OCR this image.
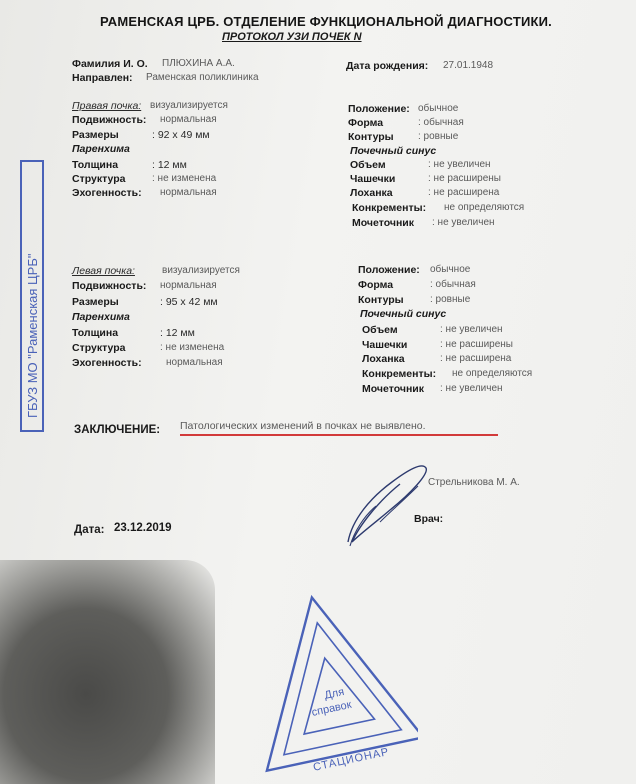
РАМЕНСКАЯ ЦРБ. ОТДЕЛЕНИЕ ФУНКЦИОНАЛЬНОЙ ДИАГНОСТИКИ.
ПРОТОКОЛ УЗИ ПОЧЕК N
Фамилия И. О. ПЛЮХИНА А.А.
Направлен: Раменская поликлиника
Дата рождения: 27.01.1948
Правая почка: визуализируется
Подвижность: нормальная
Размеры	: 92 х 49 мм
Паренхима
Толщина	: 12 мм
Структура	: не изменена
Эхогенность: нормальная
Положение: обычное
Форма	: обычная
Контуры : ровные
Почечный синус
Объем	: не увеличен
Чашечки	: не расширены
Лоханка	: не расширена
Конкременты: не определяются
Мочеточник : не увеличен
Левая почка:	визуализируется
Подвижность: нормальная
Размеры	: 95 х 42 мм
Паренхима
Толщина	: 12 мм
Структура	: не изменена
Эхогенность: нормальная
Положение: обычное
Форма	: обычная
Контуры	: ровные
Почечный синус
Объем	: не увеличен
Чашечки	: не расширены
Лоханка	: не расширена
Конкременты: не определяются
Мочеточник : не увеличен
ЗАКЛЮЧЕНИЕ: Патологических изменений в почках не выявлено.
Стрельникова М. А.
Врач:
Дата: 23.12.2019
ГБУЗ МО "Раменская ЦРБ"
Для
справок
СТАЦИОНАР
